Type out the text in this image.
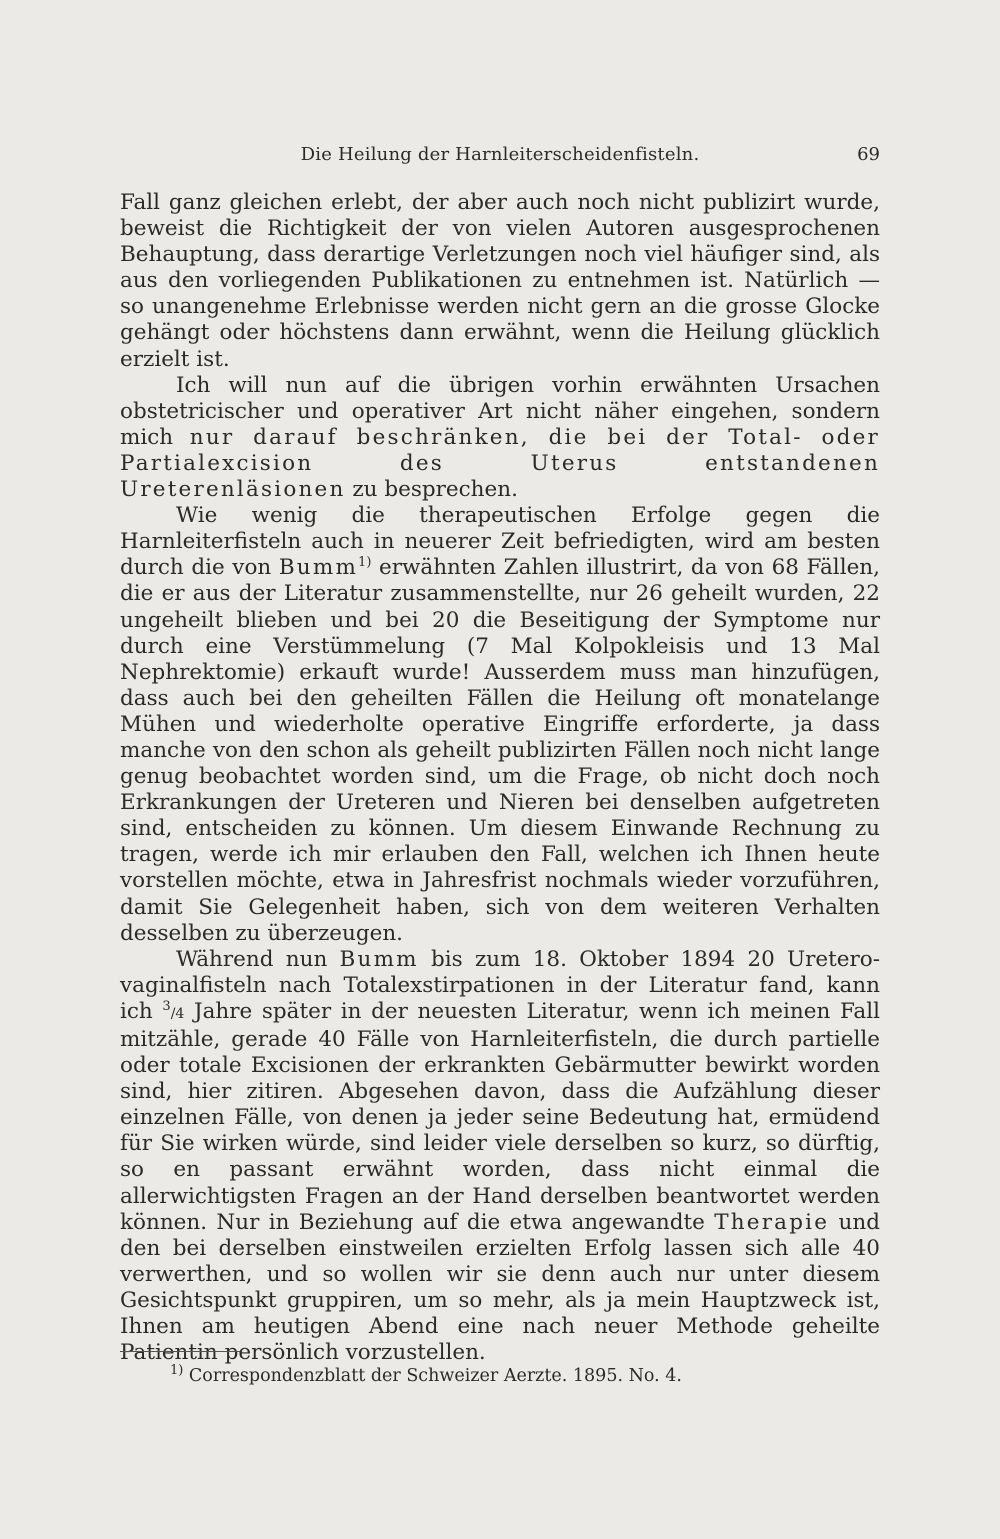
Die Heilung der Harnleiterscheidenfisteln.	69

Fall ganz gleichen erlebt, der aber auch noch nicht publizirt wurde, beweist die Richtigkeit der von vielen Autoren ausgesprochenen Behauptung, dass derartige Verletzungen noch viel häufiger sind, als aus den vorliegenden Publikationen zu entnehmen ist. Natürlich — so unangenehme Erlebnisse werden nicht gern an die grosse Glocke gehängt oder höchstens dann erwähnt, wenn die Heilung glücklich erzielt ist.

Ich will nun auf die übrigen vorhin erwähnten Ursachen obstetricischer und operativer Art nicht näher eingehen, sondern mich nur darauf beschränken, die bei der Total- oder Partialexcision des Uterus entstandenen Ureterenläsionen zu besprechen.

Wie wenig die therapeutischen Erfolge gegen die Harnleiterfisteln auch in neuerer Zeit befriedigten, wird am besten durch die von Bumm$^{1)}$ erwähnten Zahlen illustrirt, da von 68 Fällen, die er aus der Literatur zusammenstellte, nur 26 geheilt wurden, 22 ungeheilt blieben und bei 20 die Beseitigung der Symptome nur durch eine Verstümmelung (7 Mal Kolpokleisis und 13 Mal Nephrektomie) erkauft wurde! Ausserdem muss man hinzufügen, dass auch bei den geheilten Fällen die Heilung oft monatelange Mühen und wiederholte operative Eingriffe erforderte, ja dass manche von den schon als geheilt publizirten Fällen noch nicht lange genug beobachtet worden sind, um die Frage, ob nicht doch noch Erkrankungen der Ureteren und Nieren bei denselben aufgetreten sind, entscheiden zu können. Um diesem Einwande Rechnung zu tragen, werde ich mir erlauben den Fall, welchen ich Ihnen heute vorstellen möchte, etwa in Jahresfrist nochmals wieder vorzuführen, damit Sie Gelegenheit haben, sich von dem weiteren Verhalten desselben zu überzeugen.

Während nun Bumm bis zum 18. Oktober 1894 20 Uretero-vaginalfisteln nach Totalexstirpationen in der Literatur fand, kann ich $^3$/4 Jahre später in der neuesten Literatur, wenn ich meinen Fall mitzähle, gerade 40 Fälle von Harnleiterfisteln, die durch partielle oder totale Excisionen der erkrankten Gebärmutter bewirkt worden sind, hier zitiren. Abgesehen davon, dass die Aufzählung dieser einzelnen Fälle, von denen ja jeder seine Bedeutung hat, ermüdend für Sie wirken würde, sind leider viele derselben so kurz, so dürftig, so en passant erwähnt worden, dass nicht einmal die allerwichtigsten Fragen an der Hand derselben beantwortet werden können. Nur in Beziehung auf die etwa angewandte Therapie und den bei derselben einstweilen erzielten Erfolg lassen sich alle 40 verwerthen, und so wollen wir sie denn auch nur unter diesem Gesichtspunkt gruppiren, um so mehr, als ja mein Hauptzweck ist, Ihnen am heutigen Abend eine nach neuer Methode geheilte Patientin persönlich vorzustellen.

$^{1)}$ Correspondenzblatt der Schweizer Aerzte. 1895. No. 4.
